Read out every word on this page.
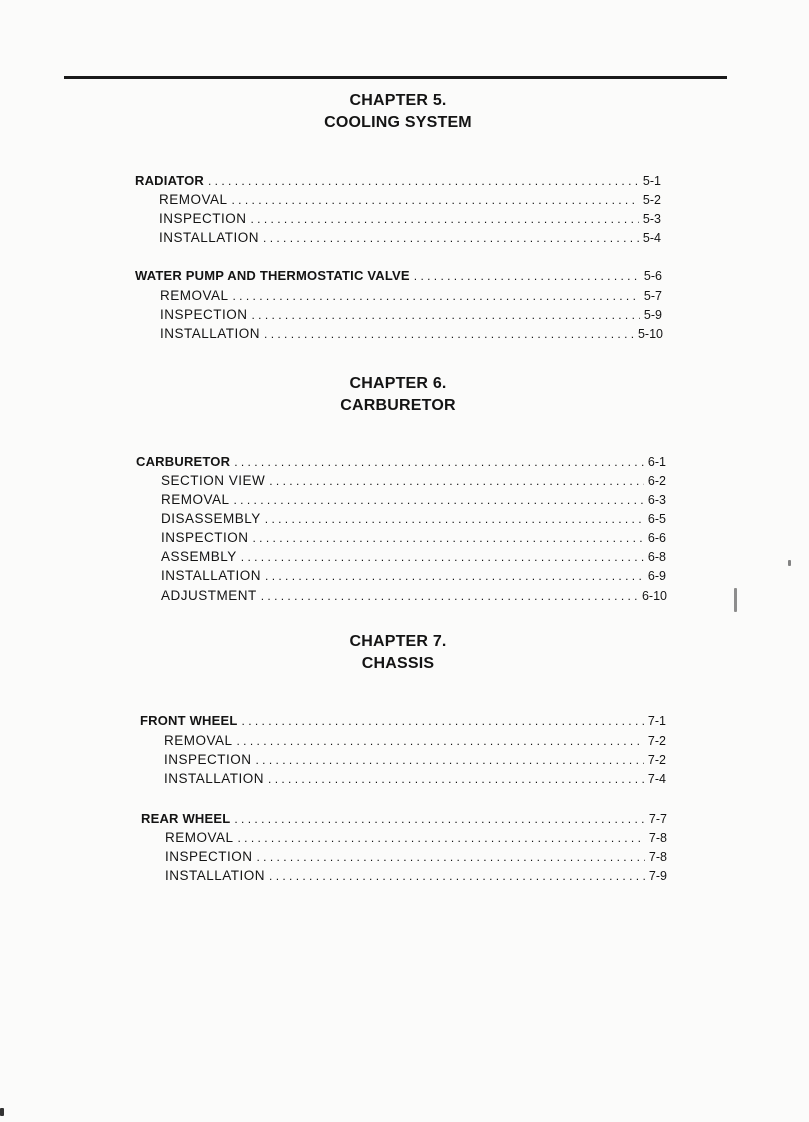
CHAPTER 5.
COOLING SYSTEM
RADIATOR . . .	5-1
REMOVAL . . .	5-2
INSPECTION . . .	5-3
INSTALLATION . . .	5-4
WATER PUMP AND THERMOSTATIC VALVE . . .	5-6
REMOVAL . . .	5-7
INSPECTION . . .	5-9
INSTALLATION . . .	5-10
CHAPTER 6.
CARBURETOR
CARBURETOR . . .	6-1
SECTION VIEW . . .	6-2
REMOVAL . . .	6-3
DISASSEMBLY . . .	6-5
INSPECTION . . .	6-6
ASSEMBLY . . .	6-8
INSTALLATION . . .	6-9
ADJUSTMENT . . .	6-10
CHAPTER 7.
CHASSIS
FRONT WHEEL . . .	7-1
REMOVAL . . .	7-2
INSPECTION . . .	7-2
INSTALLATION . . .	7-4
REAR WHEEL . . .	7-7
REMOVAL . . .	7-8
INSPECTION . . .	7-8
INSTALLATION . . .	7-9
